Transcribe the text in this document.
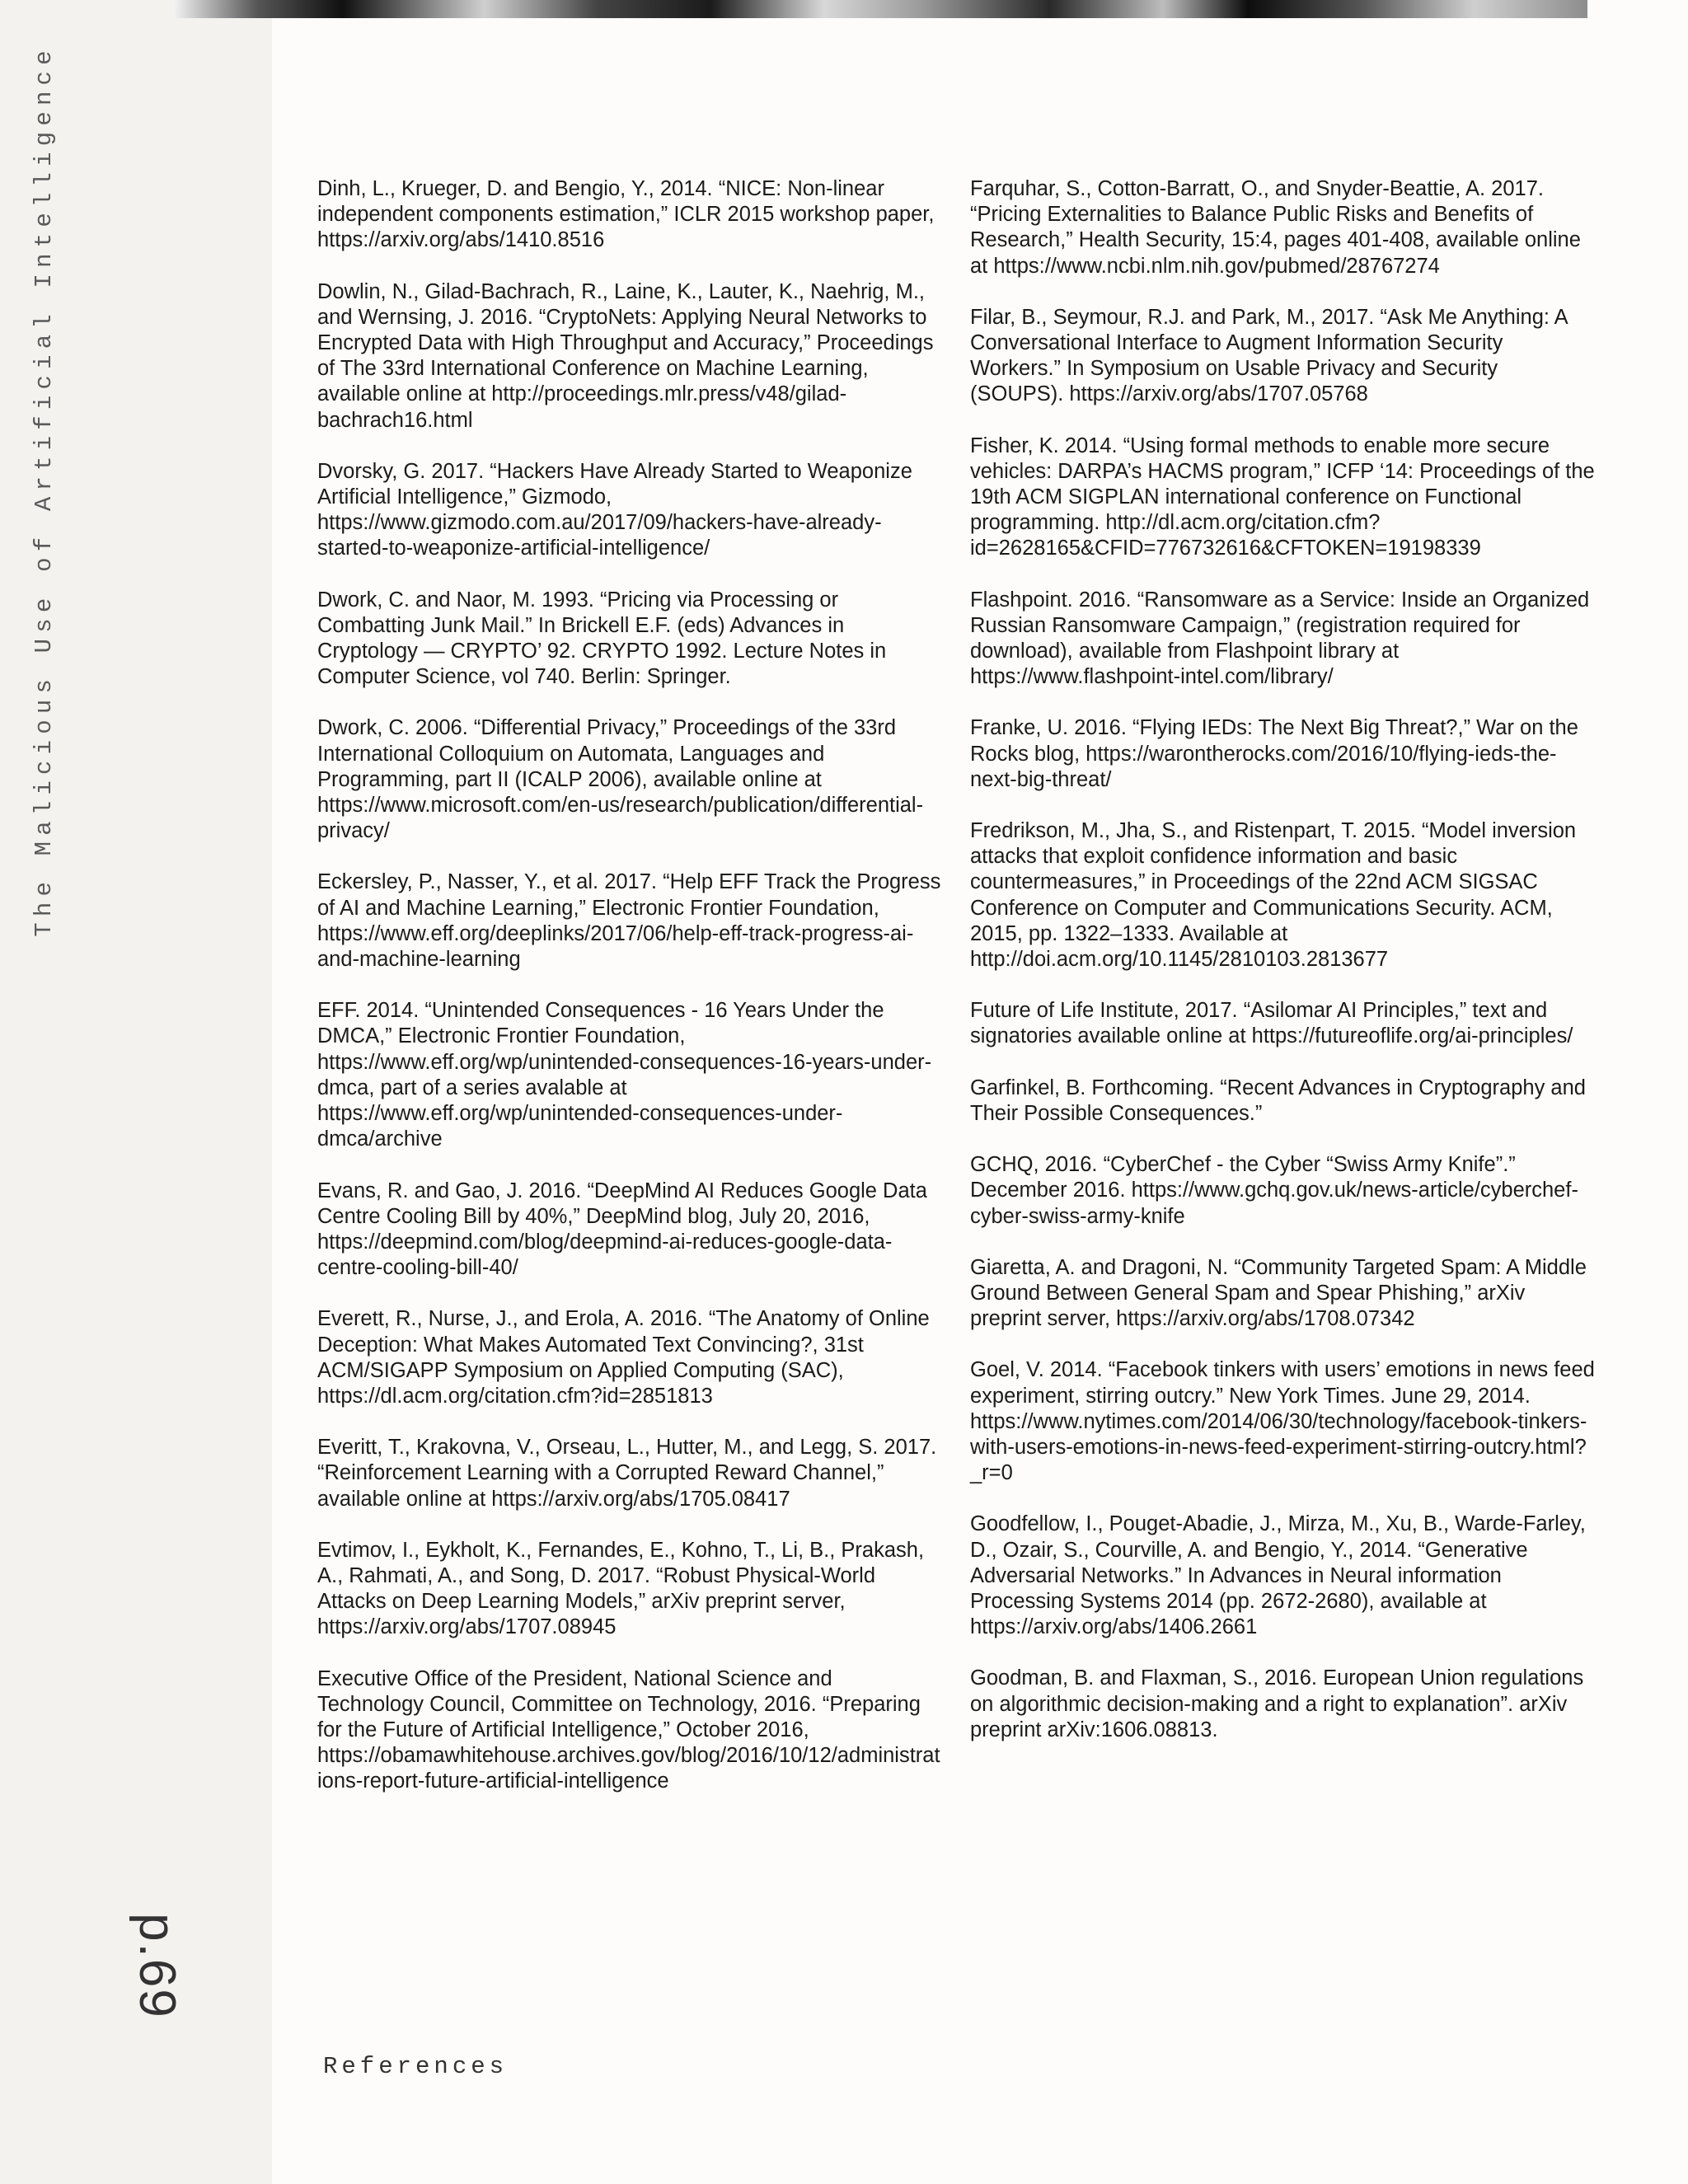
The Malicious Use of Artificial Intelligence
p.69
References

Dinh, L., Krueger, D. and Bengio, Y., 2014. “NICE: Non-linear independent components estimation,” ICLR 2015 workshop paper, https://arxiv.org/abs/1410.8516

Dowlin, N., Gilad-Bachrach, R., Laine, K., Lauter, K., Naehrig, M., and Wernsing, J. 2016. “CryptoNets: Applying Neural Networks to Encrypted Data with High Throughput and Accuracy,” Proceedings of The 33rd International Conference on Machine Learning, available online at http://proceedings.mlr.press/v48/gilad-bachrach16.html

Dvorsky, G. 2017. “Hackers Have Already Started to Weaponize Artificial Intelligence,” Gizmodo, https://www.gizmodo.com.au/2017/09/hackers-have-already-started-to-weaponize-artificial-intelligence/

Dwork, C. and Naor, M. 1993. “Pricing via Processing or Combatting Junk Mail.” In Brickell E.F. (eds) Advances in Cryptology — CRYPTO’ 92. CRYPTO 1992. Lecture Notes in Computer Science, vol 740. Berlin: Springer.

Dwork, C. 2006. “Differential Privacy,” Proceedings of the 33rd International Colloquium on Automata, Languages and Programming, part II (ICALP 2006), available online at https://www.microsoft.com/en-us/research/publication/differential-privacy/

Eckersley, P., Nasser, Y., et al. 2017. “Help EFF Track the Progress of AI and Machine Learning,” Electronic Frontier Foundation, https://www.eff.org/deeplinks/2017/06/help-eff-track-progress-ai-and-machine-learning

EFF. 2014. “Unintended Consequences - 16 Years Under the DMCA,” Electronic Frontier Foundation, https://www.eff.org/wp/unintended-consequences-16-years-under-dmca, part of a series avalable at https://www.eff.org/wp/unintended-consequences-under-dmca/archive

Evans, R. and Gao, J. 2016. “DeepMind AI Reduces Google Data Centre Cooling Bill by 40%,” DeepMind blog, July 20, 2016, https://deepmind.com/blog/deepmind-ai-reduces-google-data-centre-cooling-bill-40/

Everett, R., Nurse, J., and Erola, A. 2016. “The Anatomy of Online Deception: What Makes Automated Text Convincing?, 31st ACM/SIGAPP Symposium on Applied Computing (SAC), https://dl.acm.org/citation.cfm?id=2851813

Everitt, T., Krakovna, V., Orseau, L., Hutter, M., and Legg, S. 2017. “Reinforcement Learning with a Corrupted Reward Channel,” available online at https://arxiv.org/abs/1705.08417

Evtimov, I., Eykholt, K., Fernandes, E., Kohno, T., Li, B., Prakash, A., Rahmati, A., and Song, D. 2017. “Robust Physical-World Attacks on Deep Learning Models,” arXiv preprint server, https://arxiv.org/abs/1707.08945

Executive Office of the President, National Science and Technology Council, Committee on Technology, 2016. “Preparing for the Future of Artificial Intelligence,” October 2016, https://obamawhitehouse.archives.gov/blog/2016/10/12/administrations-report-future-artificial-intelligence

Farquhar, S., Cotton-Barratt, O., and Snyder-Beattie, A. 2017. “Pricing Externalities to Balance Public Risks and Benefits of Research,” Health Security, 15:4, pages 401-408, available online at https://www.ncbi.nlm.nih.gov/pubmed/28767274

Filar, B., Seymour, R.J. and Park, M., 2017. “Ask Me Anything: A Conversational Interface to Augment Information Security Workers.” In Symposium on Usable Privacy and Security (SOUPS). https://arxiv.org/abs/1707.05768

Fisher, K. 2014. “Using formal methods to enable more secure vehicles: DARPA’s HACMS program,” ICFP ‘14: Proceedings of the 19th ACM SIGPLAN international conference on Functional programming. http://dl.acm.org/citation.cfm?id=2628165&CFID=776732616&CFTOKEN=19198339

Flashpoint. 2016. “Ransomware as a Service: Inside an Organized Russian Ransomware Campaign,” (registration required for download), available from Flashpoint library at https://www.flashpoint-intel.com/library/

Franke, U. 2016. “Flying IEDs: The Next Big Threat?,” War on the Rocks blog, https://warontherocks.com/2016/10/flying-ieds-the-next-big-threat/

Fredrikson, M., Jha, S., and Ristenpart, T. 2015. “Model inversion attacks that exploit confidence information and basic countermeasures,” in Proceedings of the 22nd ACM SIGSAC Conference on Computer and Communications Security. ACM, 2015, pp. 1322–1333. Available at http://doi.acm.org/10.1145/2810103.2813677

Future of Life Institute, 2017. “Asilomar AI Principles,” text and signatories available online at https://futureoflife.org/ai-principles/

Garfinkel, B. Forthcoming. “Recent Advances in Cryptography and Their Possible Consequences.”

GCHQ, 2016. “CyberChef - the Cyber “Swiss Army Knife”.” December 2016. https://www.gchq.gov.uk/news-article/cyberchef-cyber-swiss-army-knife

Giaretta, A. and Dragoni, N. “Community Targeted Spam: A Middle Ground Between General Spam and Spear Phishing,” arXiv preprint server, https://arxiv.org/abs/1708.07342

Goel, V. 2014. “Facebook tinkers with users’ emotions in news feed experiment, stirring outcry.” New York Times. June 29, 2014. https://www.nytimes.com/2014/06/30/technology/facebook-tinkers-with-users-emotions-in-news-feed-experiment-stirring-outcry.html?_r=0

Goodfellow, I., Pouget-Abadie, J., Mirza, M., Xu, B., Warde-Farley, D., Ozair, S., Courville, A. and Bengio, Y., 2014. “Generative Adversarial Networks.” In Advances in Neural information Processing Systems 2014 (pp. 2672-2680), available at https://arxiv.org/abs/1406.2661

Goodman, B. and Flaxman, S., 2016. European Union regulations on algorithmic decision-making and a right to explanation”. arXiv preprint arXiv:1606.08813.
